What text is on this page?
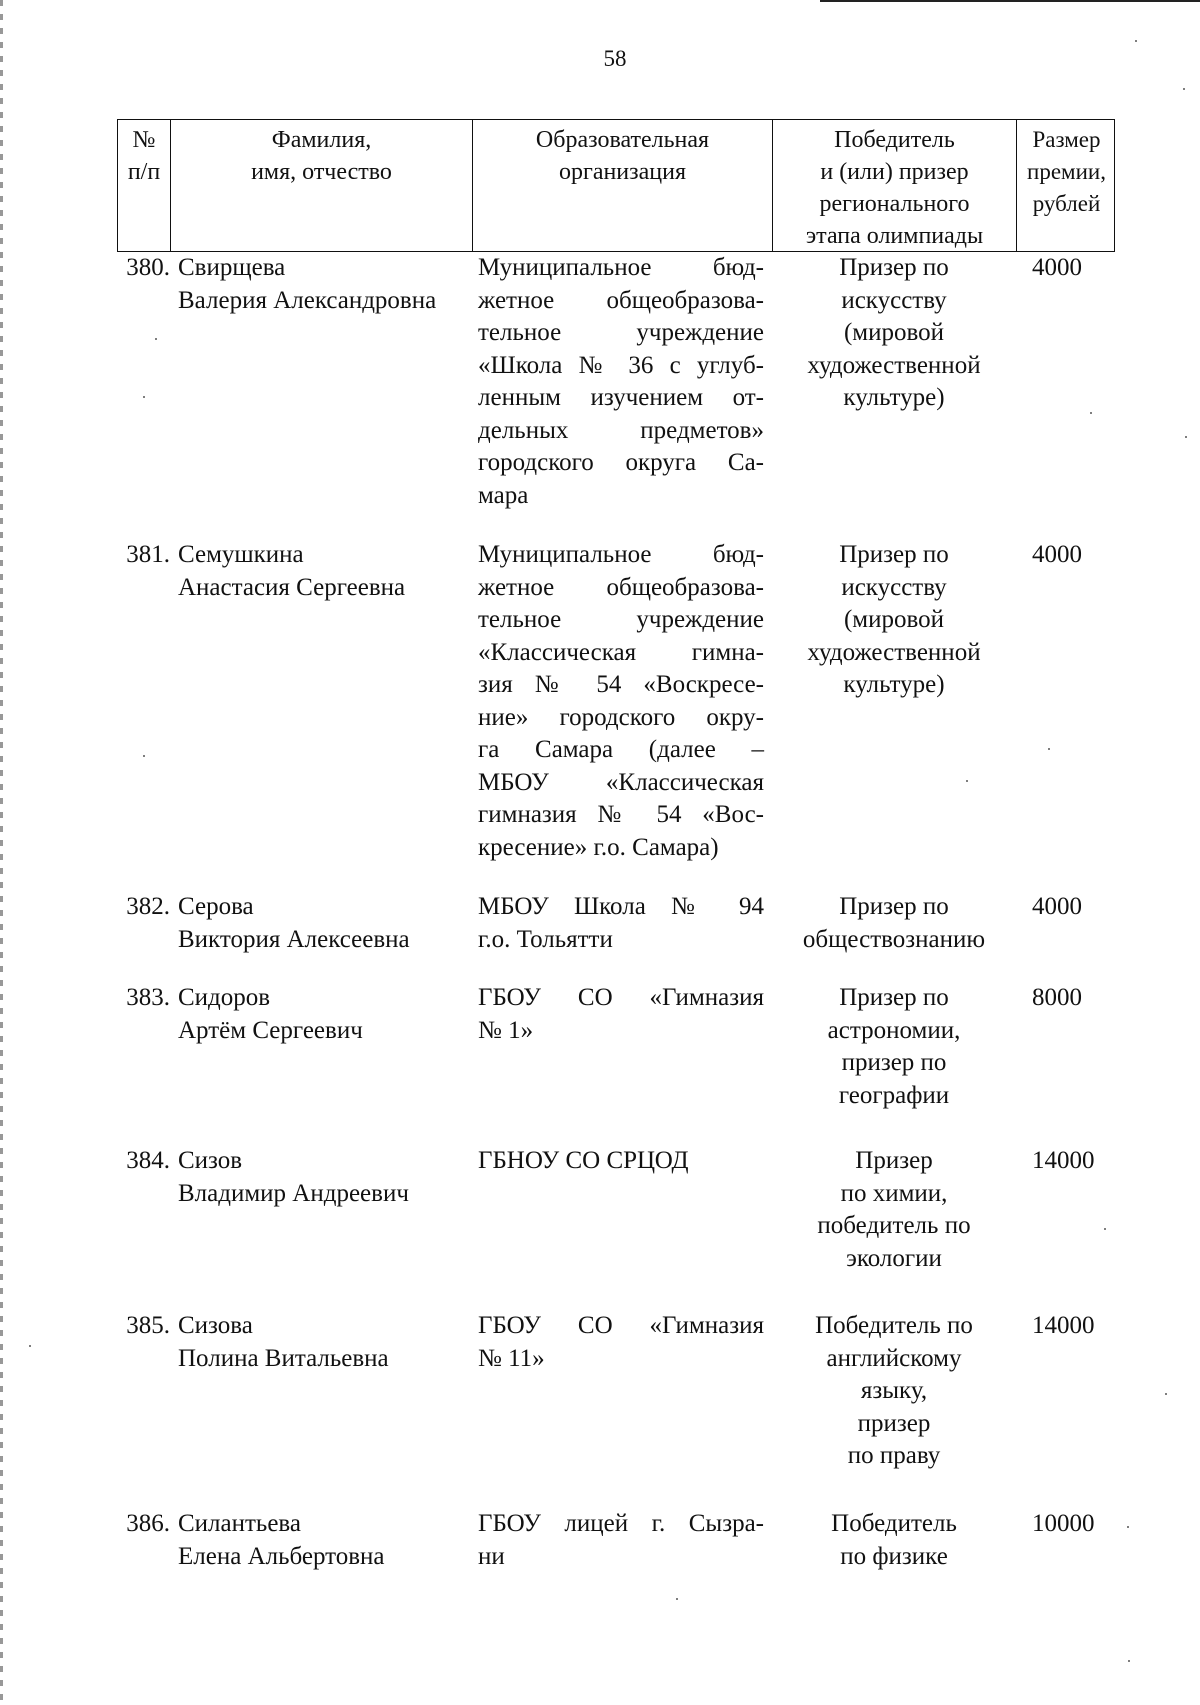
58
№
п/п
Фамилия,
имя, отчество
Образовательная
организация
Победитель
и (или) призер
регионального
этапа олимпиады
Размер
премии,
рублей
380. Свирщева
Валерия Александровна
Муниципальное бюд-
жетное общеобразова-
тельное учреждение
«Школа № 36 с углуб-
ленным изучением от-
дельных предметов»
городского округа Са-
мара
Призер по
искусству
(мировой
художественной
культуре)
4000
381. Семушкина
Анастасия Сергеевна
Муниципальное бюд-
жетное общеобразова-
тельное учреждение
«Классическая гимна-
зия № 54 «Воскресе-
ние» городского окру-
га Самара (далее –
МБОУ «Классическая
гимназия № 54 «Вос-
кресение» г.о. Самара)
Призер по
искусству
(мировой
художественной
культуре)
4000
382. Серова
Виктория Алексеевна
МБОУ Школа № 94
г.о. Тольятти
Призер по
обществознанию
4000
383. Сидоров
Артём Сергеевич
ГБОУ СО «Гимназия
№ 1»
Призер по
астрономии,
призер по
географии
8000
384. Сизов
Владимир Андреевич
ГБНОУ СО СРЦОД	Призер
по химии,
победитель по
экологии
14000
385. Сизова
Полина Витальевна
ГБОУ СО «Гимназия
№ 11»
Победитель по
английскому
языку,
призер
по праву
14000
386. Силантьева
Елена Альбертовна
ГБОУ лицей г. Сызра-
ни
Победитель
по физике
10000
